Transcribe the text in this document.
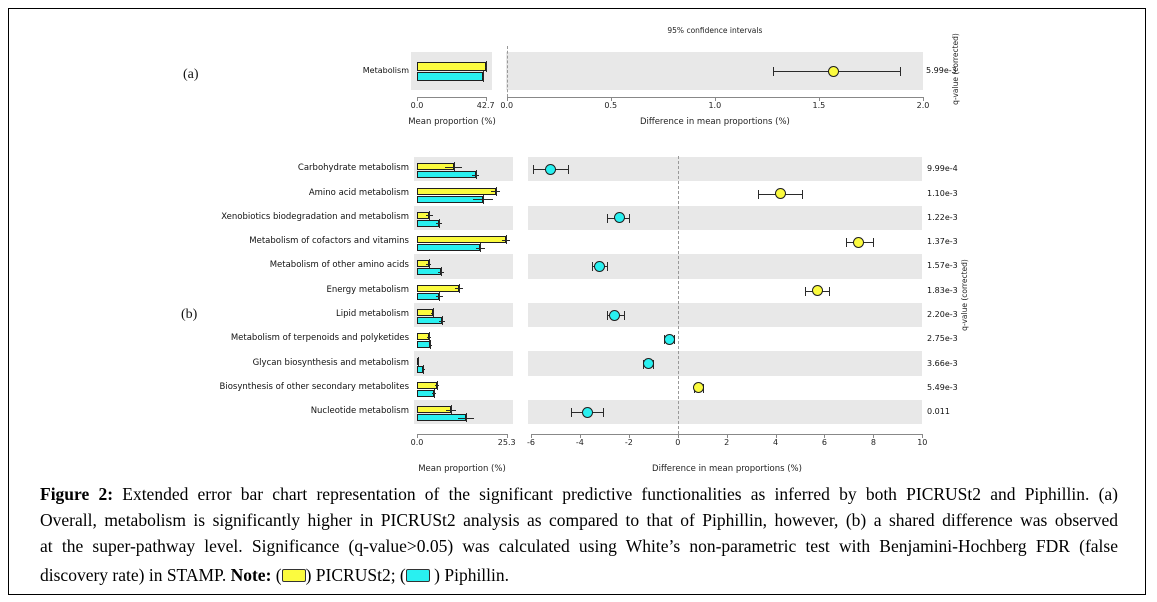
Metabolism	5.99e-3
0.0	42.7 0.0	0.5	1.0	1.5	2.0
Mean proportion (%)	Difference in mean proportions (%)
q-value (corrected)
95% confidence intervals
Carbohydrate metabolism	9.99e-4
Amino acid metabolism	1.10e-3
Xenobiotics biodegradation and metabolism	1.22e-3
Metabolism of cofactors and vitamins	1.37e-3
Metabolism of other amino acids	1.57e-3
Energy metabolism	1.83e-3
Lipid metabolism	2.20e-3
Metabolism of terpenoids and polyketides	2.75e-3
Glycan biosynthesis and metabolism	3.66e-3
Biosynthesis of other secondary metabolites	5.49e-3
Nucleotide metabolism	0.011
0.0	25.3	-6	-4	-2	0	2	4	6	8	10
Mean proportion (%)	Difference in mean proportions (%)
q-value (corrected)
(a)
(b)
Figure 2: Extended error bar chart representation of the significant predictive functionalities as inferred by both PICRUSt2 and Piphillin. (a)
Overall, metabolism is significantly higher in PICRUSt2 analysis as compared to that of Piphillin, however, (b) a shared difference was observed
at the super-pathway level. Significance (q-value>0.05) was calculated using White’s non-parametric test with Benjamini-Hochberg FDR (false
discovery rate) in STAMP. Note: ( ) PICRUSt2; ( ) Piphillin.
